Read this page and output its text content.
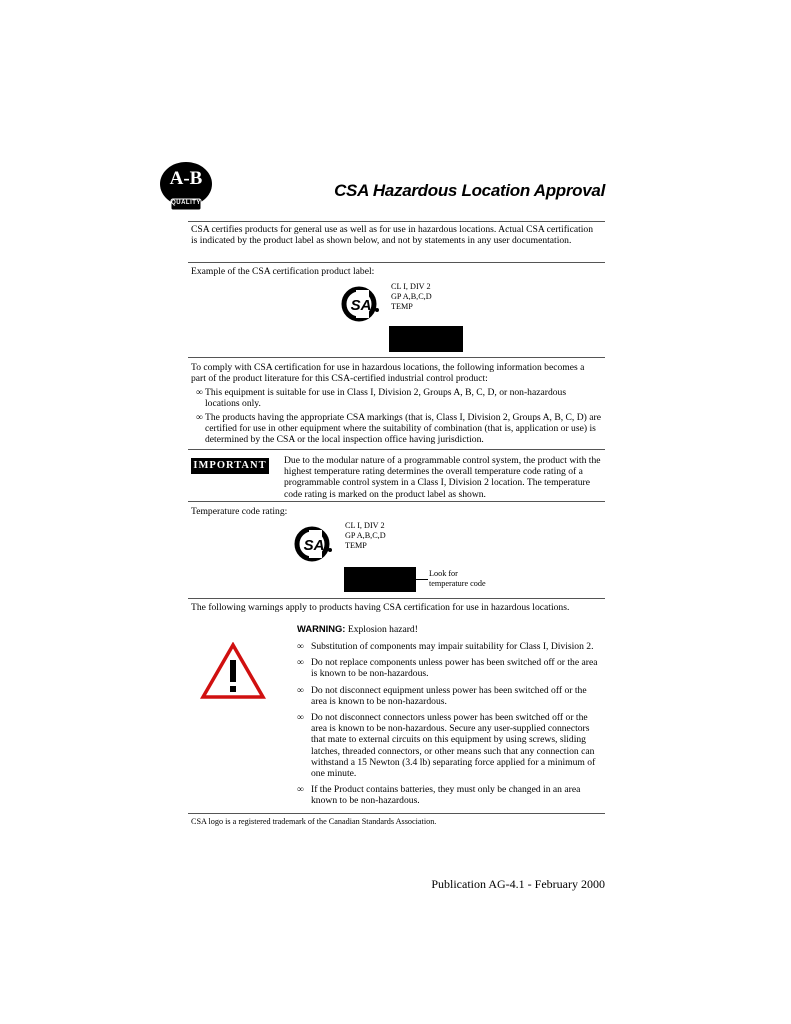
A-B
QUALITY
CSA Hazardous Location Approval
CSA certifies products for general use as well as for use in hazardous locations. Actual CSA certification is indicated by the product label as shown below, and not by statements in any user documentation.
Example of the CSA certification product label:
SA
CL I, DIV 2
GP A,B,C,D
TEMP
To comply with CSA certification for use in hazardous locations, the following information becomes a part of the product literature for this CSA-certified industrial control product:
∞ This equipment is suitable for use in Class I, Division 2, Groups A, B, C, D, or non-hazardous locations only.
∞ The products having the appropriate CSA markings (that is, Class I, Division 2, Groups A, B, C, D) are certified for use in other equipment where the suitability of combination (that is, application or use) is determined by the CSA or the local inspection office having jurisdiction.
IMPORTANT Due to the modular nature of a programmable control system, the product with the highest temperature rating determines the overall temperature code rating of a programmable control system in a Class I, Division 2 location. The temperature code rating is marked on the product label as shown.
Temperature code rating:
SA
CL I, DIV 2
GP A,B,C,D
TEMP
Look for temperature code
The following warnings apply to products having CSA certification for use in hazardous locations.
WARNING: Explosion hazard!
∞ Substitution of components may impair suitability for Class I, Division 2.
∞ Do not replace components unless power has been switched off or the area is known to be non-hazardous.
∞ Do not disconnect equipment unless power has been switched off or the area is known to be non-hazardous.
∞ Do not disconnect connectors unless power has been switched off or the area is known to be non-hazardous. Secure any user-supplied connectors that mate to external circuits on this equipment by using screws, sliding latches, threaded connectors, or other means such that any connection can withstand a 15 Newton (3.4 lb) separating force applied for a minimum of one minute.
∞ If the Product contains batteries, they must only be changed in an area known to be non-hazardous.
CSA logo is a registered trademark of the Canadian Standards Association.
Publication AG-4.1 - February 2000
